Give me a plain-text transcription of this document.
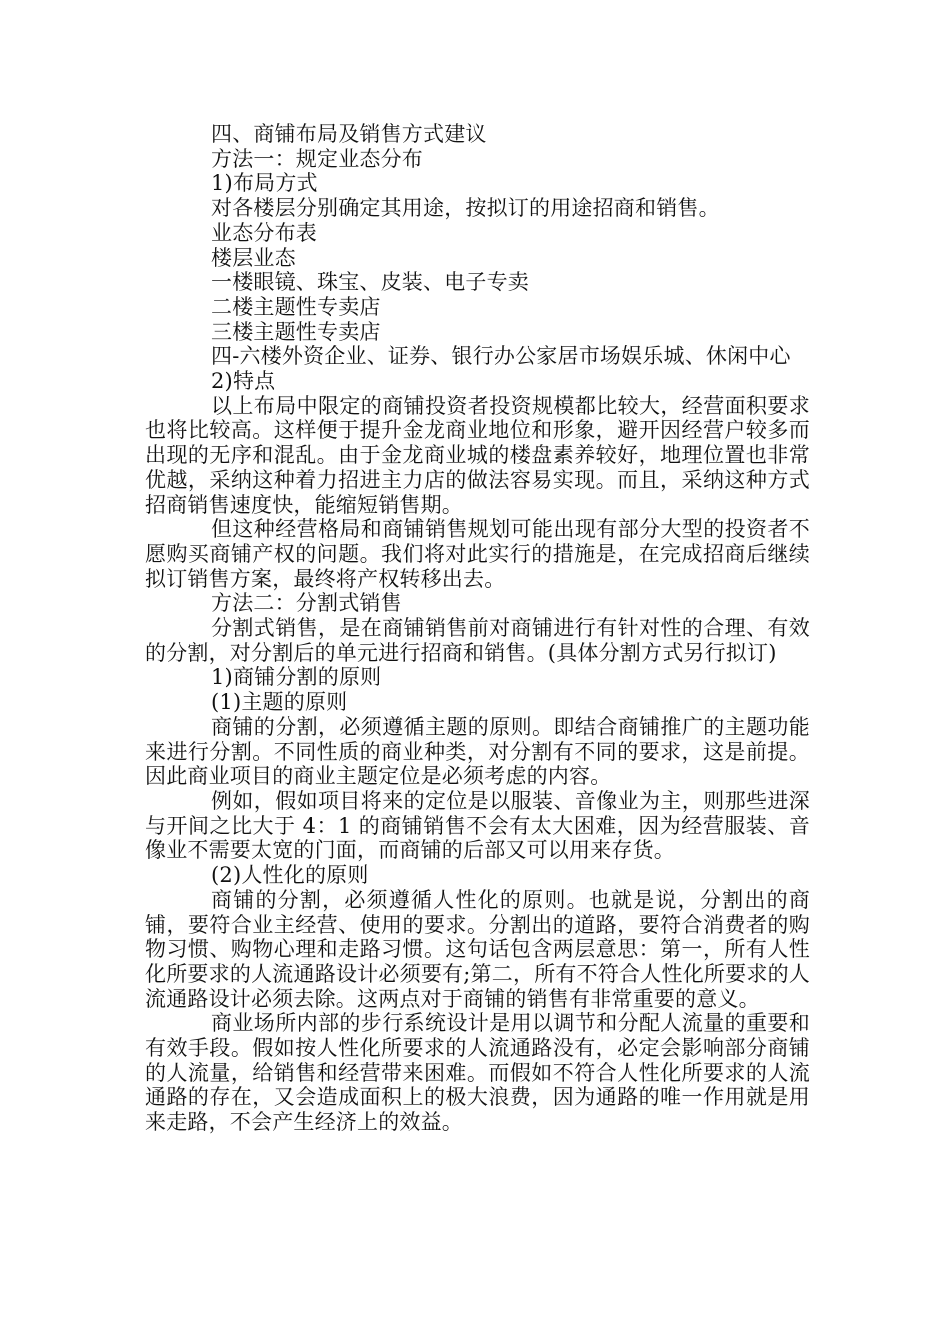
四、商铺布局及销售方式建议

方法一：规定业态分布

1)布局方式

对各楼层分别确定其用途，按拟订的用途招商和销售。

业态分布表

楼层业态

一楼眼镜、珠宝、皮装、电子专卖

二楼主题性专卖店

三楼主题性专卖店

四-六楼外资企业、证券、银行办公家居市场娱乐城、休闲中心

2)特点

以上布局中限定的商铺投资者投资规模都比较大，经营面积要求也将比较高。这样便于提升金龙商业地位和形象，避开因经营户较多而出现的无序和混乱。由于金龙商业城的楼盘素养较好，地理位置也非常优越，采纳这种着力招进主力店的做法容易实现。而且，采纳这种方式招商销售速度快，能缩短销售期。

但这种经营格局和商铺销售规划可能出现有部分大型的投资者不愿购买商铺产权的问题。我们将对此实行的措施是，在完成招商后继续拟订销售方案，最终将产权转移出去。

方法二：分割式销售

分割式销售，是在商铺销售前对商铺进行有针对性的合理、有效的分割，对分割后的单元进行招商和销售。(具体分割方式另行拟订)

1)商铺分割的原则

(1)主题的原则

商铺的分割，必须遵循主题的原则。即结合商铺推广的主题功能来进行分割。不同性质的商业种类，对分割有不同的要求，这是前提。因此商业项目的商业主题定位是必须考虑的内容。

例如，假如项目将来的定位是以服装、音像业为主，则那些进深与开间之比大于 4：1 的商铺销售不会有太大困难，因为经营服装、音像业不需要太宽的门面，而商铺的后部又可以用来存货。

(2)人性化的原则

商铺的分割，必须遵循人性化的原则。也就是说，分割出的商铺，要符合业主经营、使用的要求。分割出的道路，要符合消费者的购物习惯、购物心理和走路习惯。这句话包含两层意思：第一，所有人性化所要求的人流通路设计必须要有;第二，所有不符合人性化所要求的人流通路设计必须去除。这两点对于商铺的销售有非常重要的意义。

商业场所内部的步行系统设计是用以调节和分配人流量的重要和有效手段。假如按人性化所要求的人流通路没有，必定会影响部分商铺的人流量，给销售和经营带来困难。而假如不符合人性化所要求的人流通路的存在，又会造成面积上的极大浪费，因为通路的唯一作用就是用来走路，不会产生经济上的效益。
